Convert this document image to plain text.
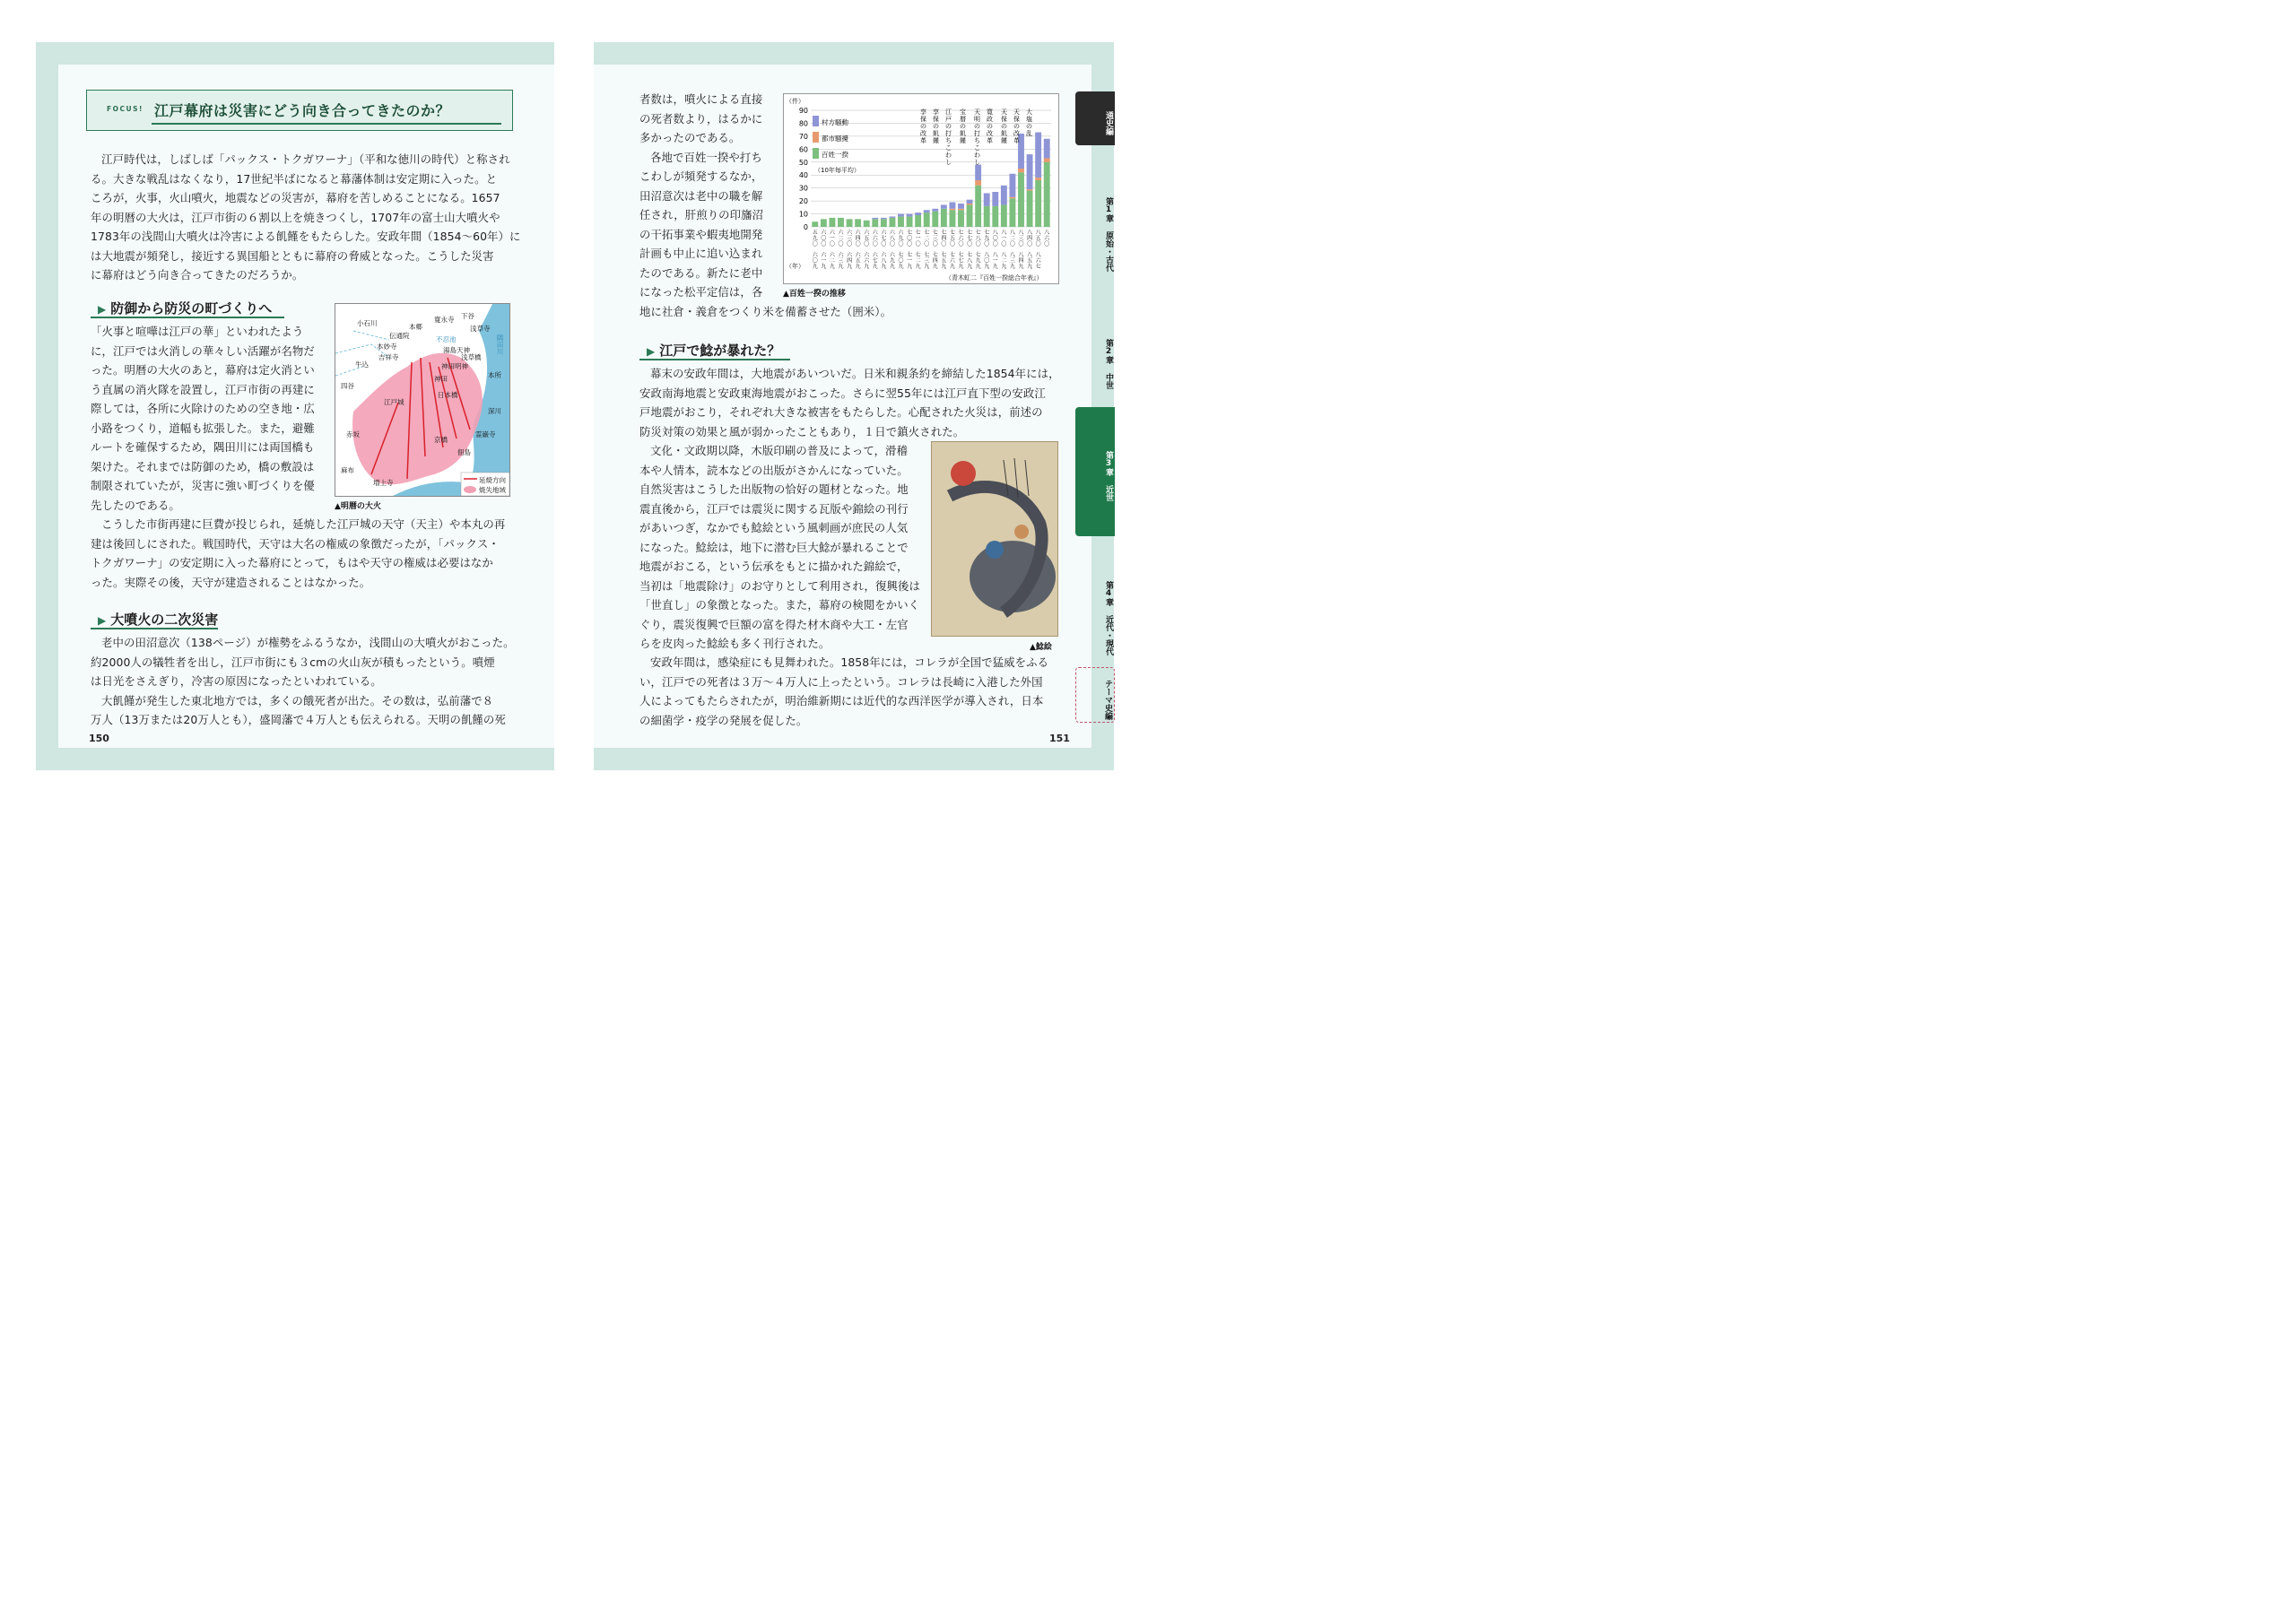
FOCUS! 江戸幕府は災害にどう向き合ってきたのか？
江戸時代は，しばしば「パックス・トクガワーナ」（平和な徳川の時代）と称され
る。大きな戦乱はなくなり，17世紀半ばになると幕藩体制は安定期に入った。と
ころが，火事，火山噴火，地震などの災害が，幕府を苦しめることになる。1657
年の明暦の大火は，江戸市街の６割以上を焼きつくし，1707年の富士山大噴火や
1783年の浅間山大噴火は冷害による飢饉をもたらした。安政年間（1854〜60年）に
は大地震が頻発し，接近する異国船とともに幕府の脅威となった。こうした災害
に幕府はどう向き合ってきたのだろうか。
▶ 防御から防災の町づくりへ
「火事と喧嘩は江戸の華」といわれたよう
に，江戸では火消しの華々しい活躍が名物だ
った。明暦の大火のあと，幕府は定火消とい
う直属の消火隊を設置し，江戸市街の再建に
際しては，各所に火除けのための空き地・広
小路をつくり，道幅も拡張した。また，避難
ルートを確保するため，隅田川には両国橋も
架けた。それまでは防御のため，橋の敷設は
制限されていたが，災害に強い町づくりを優
先したのである。
小石川	本郷
寛永寺 下谷
浅草寺
伝通院
湯島天神
不忍池
本妙寺
吉祥寺
神田明神
浅草橋
牛込
神田	本所
四谷
日本橋
江戸城
深川
赤坂
京橋
霊巌寺
佃島
麻布
増上寺
隅田川
延焼方向
焼失地域
▲明暦の大火
こうした市街再建に巨費が投じられ，延焼した江戸城の天守（天主）や本丸の再
建は後回しにされた。戦国時代，天守は大名の権威の象徴だったが，「パックス・
トクガワーナ」の安定期に入った幕府にとって，もはや天守の権威は必要はなか
った。実際その後，天守が建造されることはなかった。
▶ 大噴火の二次災害
老中の田沼意次（138ページ）が権勢をふるうなか，浅間山の大噴火がおこった。
約2000人の犠牲者を出し，江戸市街にも３cmの火山灰が積もったという。噴煙
は日光をさえぎり，冷害の原因になったといわれている。
大飢饉が発生した東北地方では，多くの餓死者が出た。その数は，弘前藩で８
万人（13万または20万人とも），盛岡藩で４万人とも伝えられる。天明の飢饉の死
150
者数は，噴火による直接
の死者数より，はるかに
多かったのである。
各地で百姓一揆や打ち
こわしが頻発するなか，
田沼意次は老中の職を解
任され，肝煎りの印旛沼
の干拓事業や蝦夷地開発
計画も中止に追い込まれ
たのである。新たに老中
になった松平定信は，各
地に社倉・義倉をつくり米を備蓄させた（囲米）。
0
10
20
30
40
50
60
70
80
90
五九〇
六〇九
六〇〇
六一九
六一〇
六二九
六二〇
六三九
六三〇
六四九
六四〇
六五九
六五〇
六六九
六六〇
六七九
六七〇
六八九
六八〇
六九九
六九〇
七〇九
七〇〇
七一九
七一〇
七二九
七二〇
七三九
七三〇
七四九
七四〇
七五九
七五〇
七六九
七六〇
七七九
七七〇
七八九
七八〇
七九九
七九〇
八〇九
八〇〇
八一九
八一〇
八二九
八二〇
八三九
八三〇
八四九
八四〇
八五九
八五〇
八六七
八六〇
村方騒動
都市騒擾
百姓一揆
享保の改革
享保の飢饉
江戸の打ちこわし
宝暦の飢饉
天明の打ちこわし
寛政の改革
天保の飢饉
天保の改革
大塩の乱
（件）
（年）
（10年毎平均）
（青木虹二『百姓一揆総合年表』）
▲百姓一揆の推移
▶ 江戸で鯰が暴れた？
幕末の安政年間は，大地震があいついだ。日米和親条約を締結した1854年には，
安政南海地震と安政東海地震がおこった。さらに翌55年には江戸直下型の安政江
戸地震がおこり，それぞれ大きな被害をもたらした。心配された火災は，前述の
防災対策の効果と風が弱かったこともあり，１日で鎮火された。
文化・文政期以降，木版印刷の普及によって，滑稽
本や人情本，読本などの出版がさかんになっていた。
自然災害はこうした出版物の恰好の題材となった。地
震直後から，江戸では震災に関する瓦版や錦絵の刊行
があいつぎ，なかでも鯰絵という風刺画が庶民の人気
になった。鯰絵は，地下に潜む巨大鯰が暴れることで
地震がおこる，という伝承をもとに描かれた錦絵で，
当初は「地震除け」のお守りとして利用され，復興後は
「世直し」の象徴となった。また，幕府の検閲をかいく
ぐり，震災復興で巨額の富を得た材木商や大工・左官
らを皮肉った鯰絵も多く刊行された。	▲鯰絵
安政年間は，感染症にも見舞われた。1858年には，コレラが全国で猛威をふる
い，江戸での死者は３万〜４万人に上ったという。コレラは長崎に入港した外国
人によってもたらされたが，明治維新期には近代的な西洋医学が導入され，日本
の細菌学・疫学の発展を促した。
151
通史編
第1章 原始・古代
第2章 中世
第3章 近世
第4章 近代・現代
テーマ史編
